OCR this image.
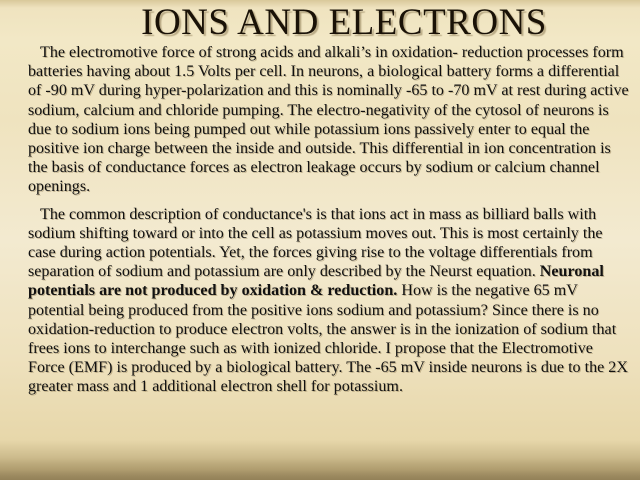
IONS AND ELECTRONS

The electromotive force of strong acids and alkali’s in oxidation- reduction processes form batteries having about 1.5 Volts per cell. In neurons, a biological battery forms a differential of -90 mV during hyper-polarization and this is nominally -65 to -70 mV at rest during active sodium, calcium and chloride pumping. The electro-negativity of the cytosol of neurons is due to sodium ions being pumped out while potassium ions passively enter to equal the positive ion charge between the inside and outside. This differential in ion concentration is the basis of conductance forces as electron leakage occurs by sodium or calcium channel openings.

The common description of conductance's is that ions act in mass as billiard balls with sodium shifting toward or into the cell as potassium moves out. This is most certainly the case during action potentials. Yet, the forces giving rise to the voltage differentials from separation of sodium and potassium are only described by the Neurst equation. Neuronal potentials are not produced by oxidation & reduction. How is the negative 65 mV potential being produced from the positive ions sodium and potassium? Since there is no oxidation-reduction to produce electron volts, the answer is in the ionization of sodium that frees ions to interchange such as with ionized chloride. I propose that the Electromotive Force (EMF) is produced by a biological battery. The -65 mV inside neurons is due to the 2X greater mass and 1 additional electron shell for potassium.
